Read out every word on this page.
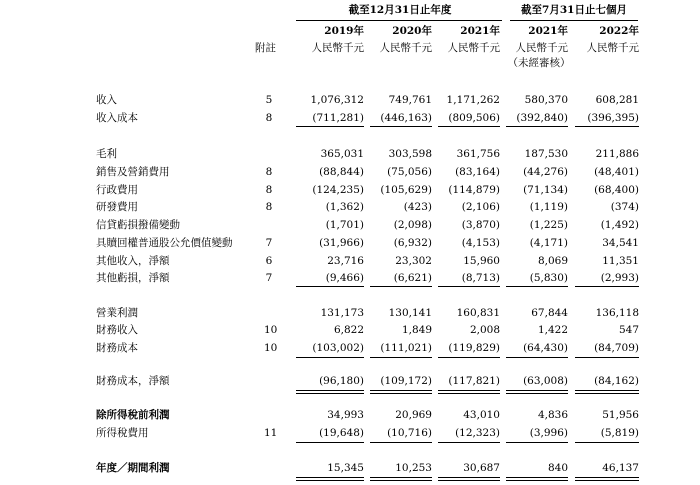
截至12月31日止年度	截至7月31日止七個月
2019年	2020年	2021年	2021年	2022年
附註	人民幣千元	人民幣千元	人民幣千元	人民幣千元	人民幣千元
（未經審核）
收入	5	1,076,312	749,761	1,171,262	580,370	608,281
收入成本	8	(711,281)	(446,163)	(809,506)	(392,840)	(396,395)
毛利	365,031	303,598	361,756	187,530	211,886
銷售及營銷費用	8	(88,844)	(75,056)	(83,164)	(44,276)	(48,401)
行政費用	8	(124,235)	(105,629)	(114,879)	(71,134)	(68,400)
研發費用	8	(1,362)	(423)	(2,106)	(1,119)	(374)
信貸虧損撥備變動	(1,701)	(2,098)	(3,870)	(1,225)	(1,492)
具贖回權普通股公允價值變動	7	(31,966)	(6,932)	(4,153)	(4,171)	34,541
其他收入，淨額	6	23,716	23,302	15,960	8,069	11,351
其他虧損，淨額	7	(9,466)	(6,621)	(8,713)	(5,830)	(2,993)
營業利潤	131,173	130,141	160,831	67,844	136,118
財務收入	10	6,822	1,849	2,008	1,422	547
財務成本	10	(103,002)	(111,021)	(119,829)	(64,430)	(84,709)
財務成本，淨額	(96,180)	(109,172)	(117,821)	(63,008)	(84,162)
除所得稅前利潤	34,993	20,969	43,010	4,836	51,956
所得稅費用	11	(19,648)	(10,716)	(12,323)	(3,996)	(5,819)
年度／期間利潤	15,345	10,253	30,687	840	46,137
